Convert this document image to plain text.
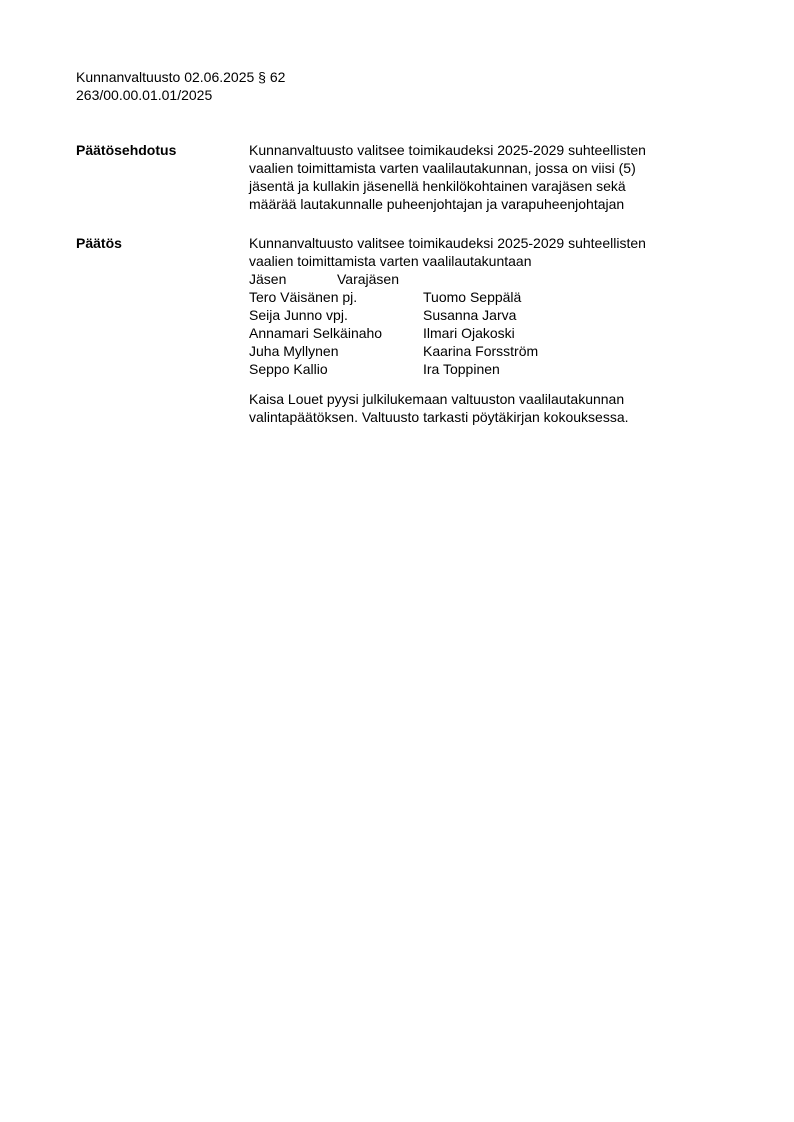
Kunnanvaltuusto 02.06.2025 § 62
263/00.00.01.01/2025
Päätösehdotus	Kunnanvaltuusto valitsee toimikaudeksi 2025-2029 suhteellisten
vaalien toimittamista varten vaalilautakunnan, jossa on viisi (5)
jäsentä ja kullakin jäsenellä henkilökohtainen varajäsen sekä
määrää lautakunnalle puheenjohtajan ja varapuheenjohtajan
Päätös	Kunnanvaltuusto valitsee toimikaudeksi 2025-2029 suhteellisten
vaalien toimittamista varten vaalilautakuntaan
Jäsen	Varajäsen
Tero Väisänen pj.	Tuomo Seppälä
Seija Junno vpj.	Susanna Jarva
Annamari Selkäinaho	Ilmari Ojakoski
Juha Myllynen	Kaarina Forsström
Seppo Kallio	Ira Toppinen
Kaisa Louet pyysi julkilukemaan valtuuston vaalilautakunnan
valintapäätöksen. Valtuusto tarkasti pöytäkirjan kokouksessa.
